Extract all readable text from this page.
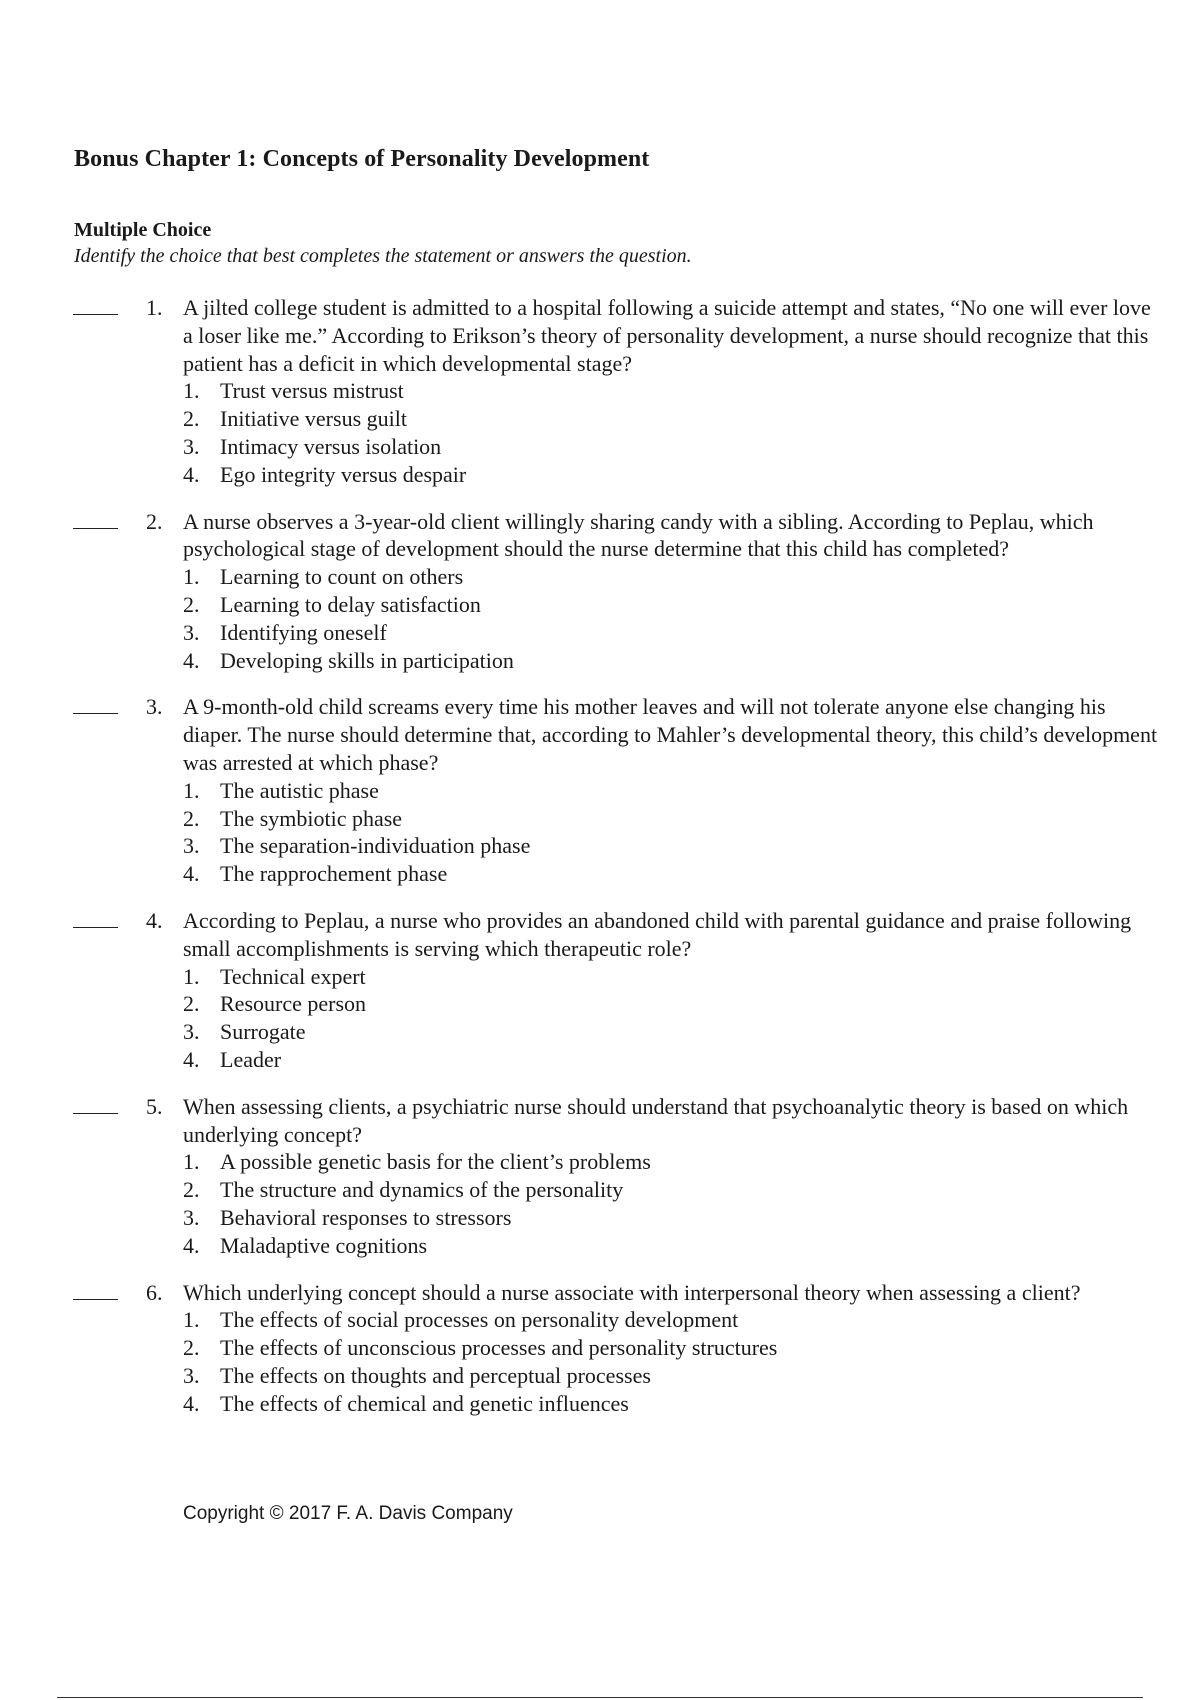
Bonus Chapter 1: Concepts of Personality Development
Multiple Choice
Identify the choice that best completes the statement or answers the question.
1. A jilted college student is admitted to a hospital following a suicide attempt and states, “No one will ever love a loser like me.” According to Erikson’s theory of personality development, a nurse should recognize that this patient has a deficit in which developmental stage?
1. Trust versus mistrust
2. Initiative versus guilt
3. Intimacy versus isolation
4. Ego integrity versus despair
2. A nurse observes a 3-year-old client willingly sharing candy with a sibling. According to Peplau, which psychological stage of development should the nurse determine that this child has completed?
1. Learning to count on others
2. Learning to delay satisfaction
3. Identifying oneself
4. Developing skills in participation
3. A 9-month-old child screams every time his mother leaves and will not tolerate anyone else changing his diaper. The nurse should determine that, according to Mahler’s developmental theory, this child’s development was arrested at which phase?
1. The autistic phase
2. The symbiotic phase
3. The separation-individuation phase
4. The rapprochement phase
4. According to Peplau, a nurse who provides an abandoned child with parental guidance and praise following small accomplishments is serving which therapeutic role?
1. Technical expert
2. Resource person
3. Surrogate
4. Leader
5. When assessing clients, a psychiatric nurse should understand that psychoanalytic theory is based on which underlying concept?
1. A possible genetic basis for the client’s problems
2. The structure and dynamics of the personality
3. Behavioral responses to stressors
4. Maladaptive cognitions
6. Which underlying concept should a nurse associate with interpersonal theory when assessing a client?
1. The effects of social processes on personality development
2. The effects of unconscious processes and personality structures
3. The effects on thoughts and perceptual processes
4. The effects of chemical and genetic influences
Copyright © 2017 F. A. Davis Company
